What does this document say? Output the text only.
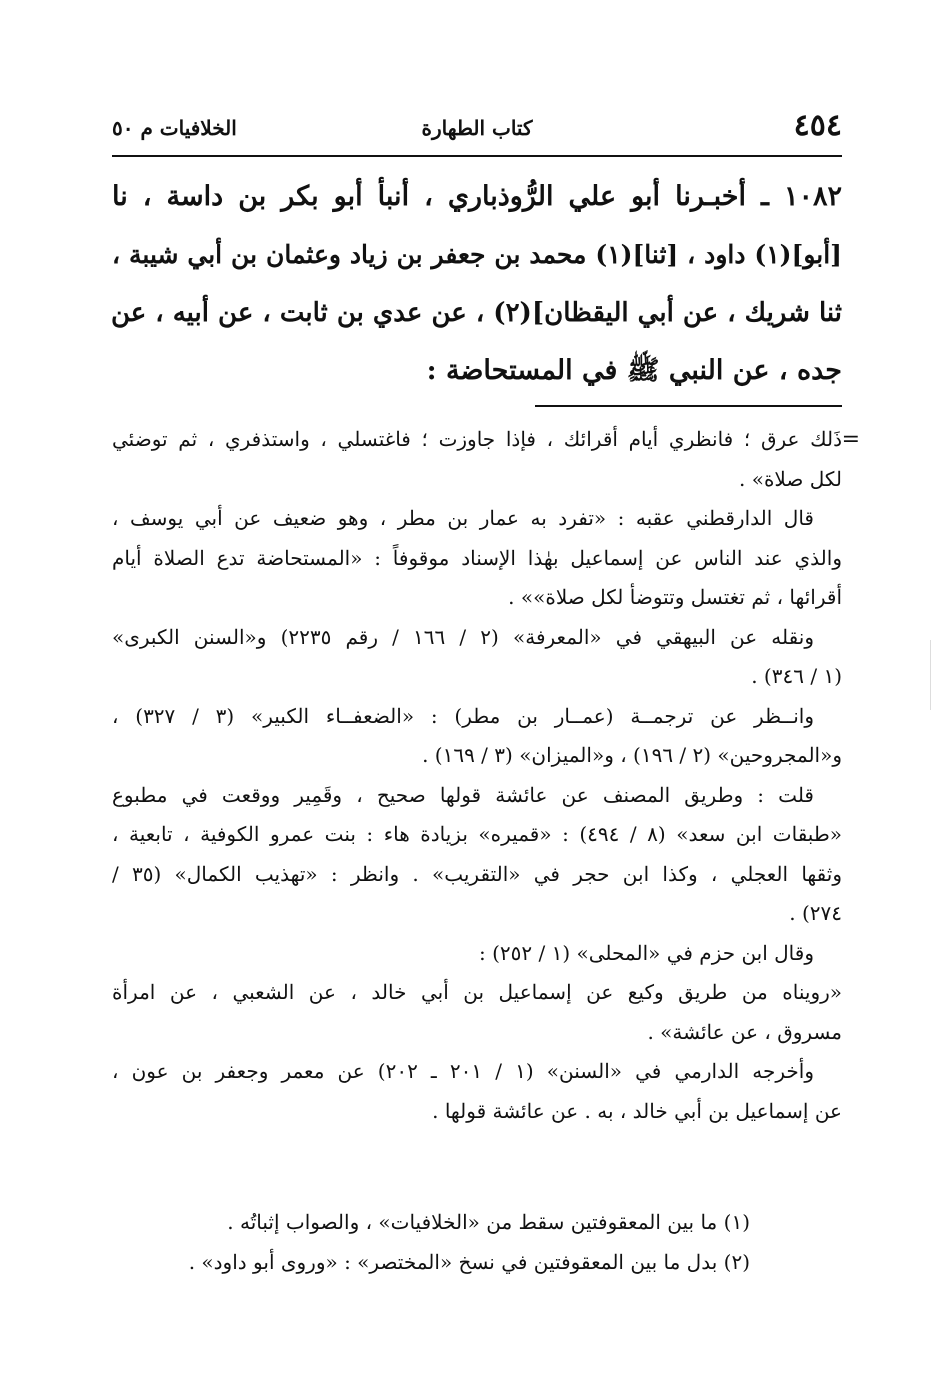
٤٥٤
كتاب الطهارة
الخلافيات م ٥٠
١٠٨٢ ـ أخبـرنا أبو علي الرُّوذباري ، أنبأ أبو بكر بن داسة ، نا
[أبو](١) داود ، [ثنا](١) محمد بن جعفر بن زياد وعثمان بن أبي شيبة ،
ثنا شريك ، عن أبي اليقظان](٢) ، عن عدي بن ثابت ، عن أبيه ، عن
جده ، عن النبي ﷺ في المستحاضة :
=
ذَلك عرق ؛ فانظري أيام أقرائك ، فإذا جاوزت ؛ فاغتسلي ، واستذفري ، ثم توضئي
لكل صلاة» .
قال الدارقطني عقبه : «تفرد به عمار بن مطر ، وهو ضعيف عن أبي يوسف ،
والذي عند الناس عن إسماعيل بهٰذا الإسناد موقوفاً : «المستحاضة تدع الصلاة أيام
أقرائها ، ثم تغتسل وتتوضأ لكل صلاة»» .
ونقله عن البيهقي في «المعرفة» (٢ / ١٦٦ / رقم ٢٢٣٥) و«السنن الكبرى»
(١ / ٣٤٦) .
وانــظر عن ترجمــة (عمــار بن مطر) : «الضعفــاء الكبير» (٣ / ٣٢٧) ،
و«المجروحين» (٢ / ١٩٦) ، و«الميزان» (٣ / ١٦٩) .
قلت : وطريق المصنف عن عائشة قولها صحيح ، وقَمِير ووقعت في مطبوع
«طبقات ابن سعد» (٨ / ٤٩٤) : «قميره» بزيادة هاء : بنت عمرو الكوفية ، تابعية ،
وثقها العجلي ، وكذا ابن حجر في «التقريب» . وانظر : «تهذيب الكمال» (٣٥ /
٢٧٤) .
وقال ابن حزم في «المحلى» (١ / ٢٥٢) :
«رويناه من طريق وكيع عن إسماعيل بن أبي خالد ، عن الشعبي ، عن امرأة
مسروق ، عن عائشة» .
وأخرجه الدارمي في «السنن» (١ / ٢٠١ ـ ٢٠٢) عن معمر وجعفر بن عون ،
عن إسماعيل بن أبي خالد ، به . عن عائشة قولها .
(١) ما بين المعقوفتين سقط من «الخلافيات» ، والصواب إثباتُه .
(٢) بدل ما بين المعقوفتين في نسخ «المختصر» : «وروى أبو داود» .
